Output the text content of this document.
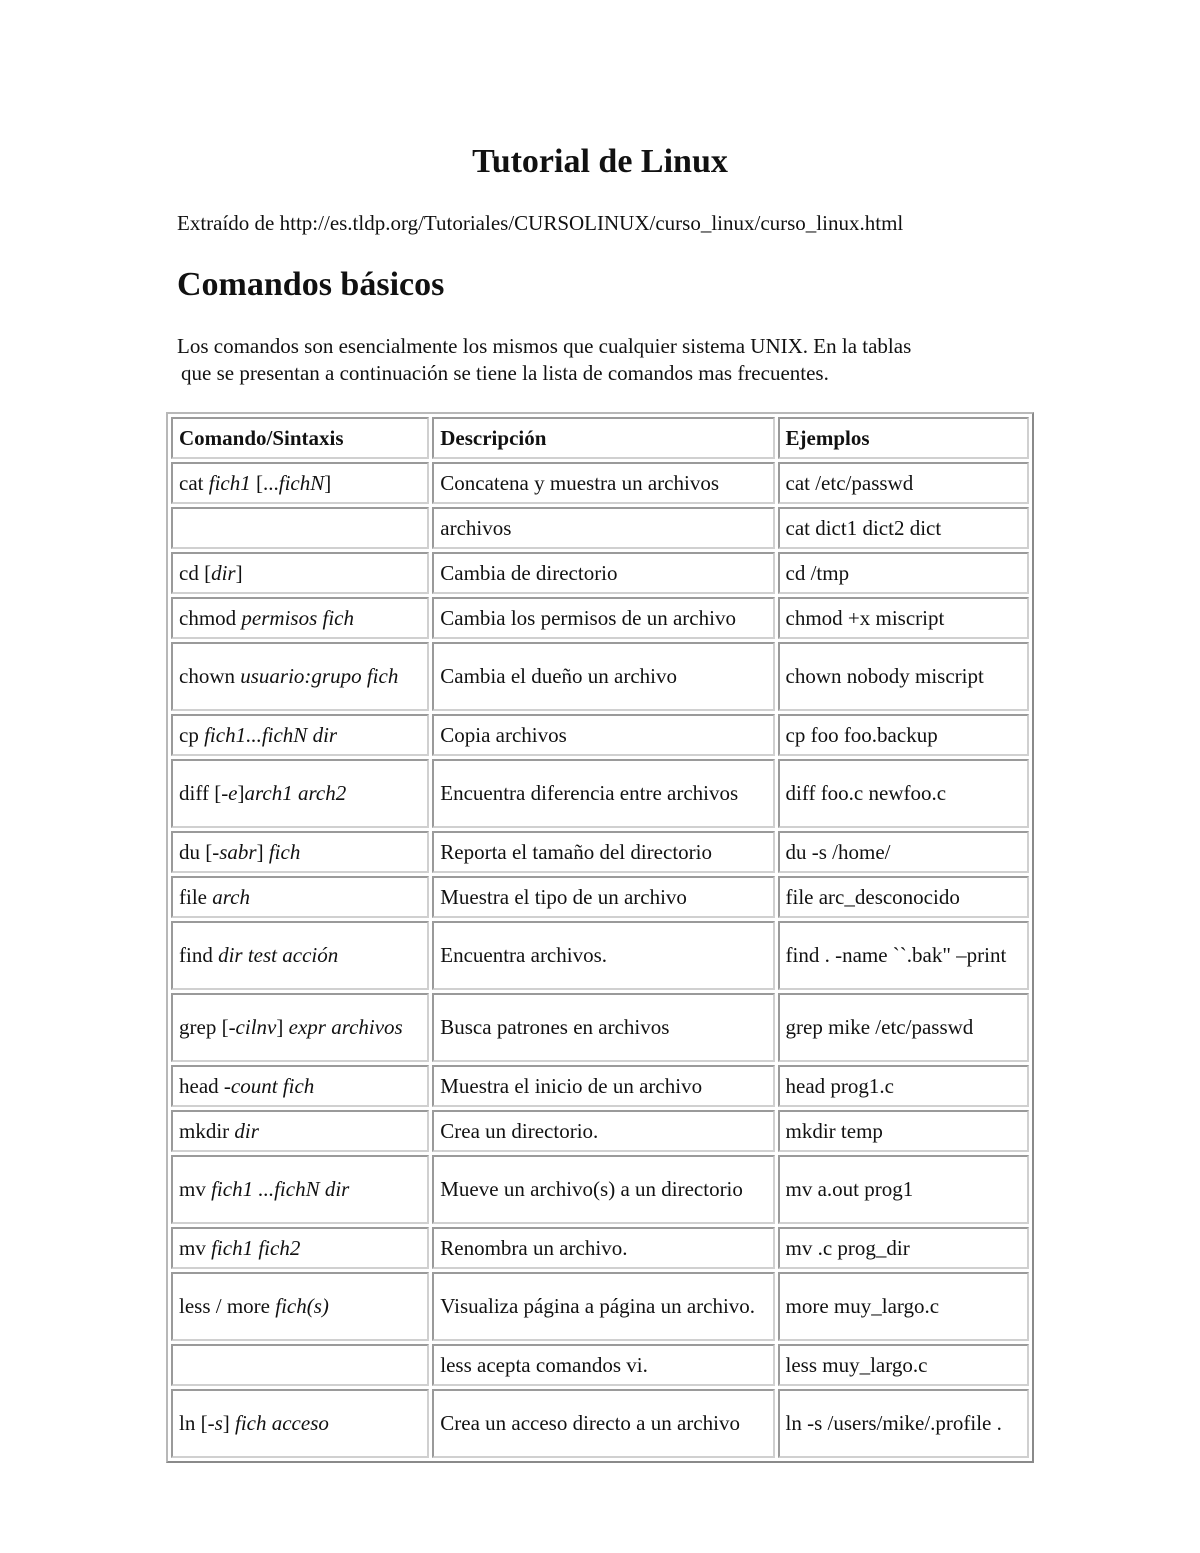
Tutorial de Linux

Extraído de http://es.tldp.org/Tutoriales/CURSOLINUX/curso_linux/curso_linux.html

Comandos básicos

Los comandos son esencialmente los mismos que cualquier sistema UNIX. En la tablas
que se presentan a continuación se tiene la lista de comandos mas frecuentes.

Comando/Sintaxis	Descripción	Ejemplos
cat fich1 [...fichN]	Concatena y muestra un archivos	cat /etc/passwd
	archivos	cat dict1 dict2 dict
cd [dir]	Cambia de directorio	cd /tmp
chmod permisos fich	Cambia los permisos de un archivo	chmod +x miscript
chown usuario:grupo fich	Cambia el dueño un archivo	chown nobody miscript
cp fich1...fichN dir	Copia archivos	cp foo foo.backup
diff [-e]arch1 arch2	Encuentra diferencia entre archivos	diff foo.c newfoo.c
du [-sabr] fich	Reporta el tamaño del directorio	du -s /home/
file arch	Muestra el tipo de un archivo	file arc_desconocido
find dir test acción	Encuentra archivos.	find . -name ``.bak" –print
grep [-cilnv] expr archivos	Busca patrones en archivos	grep mike /etc/passwd
head -count fich	Muestra el inicio de un archivo	head prog1.c
mkdir dir	Crea un directorio.	mkdir temp
mv fich1 ...fichN dir	Mueve un archivo(s) a un directorio	mv a.out prog1
mv fich1 fich2	Renombra un archivo.	mv .c prog_dir
less / more fich(s)	Visualiza página a página un archivo.	more muy_largo.c
	less acepta comandos vi.	less muy_largo.c
ln [-s] fich acceso	Crea un acceso directo a un archivo	ln -s /users/mike/.profile .
